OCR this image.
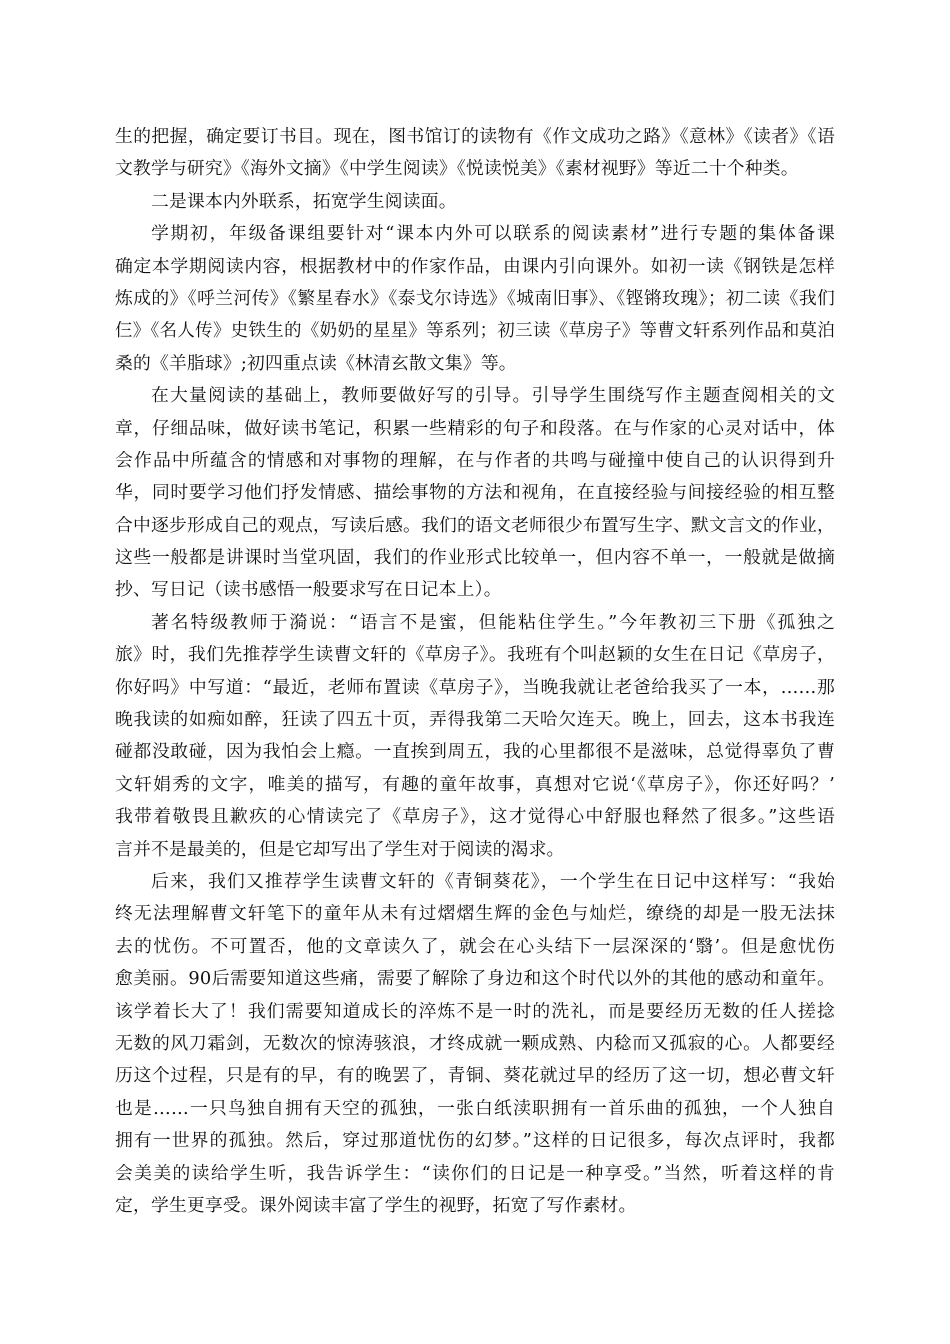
生的把握，确定要订书目。现在，图书馆订的读物有《作文成功之路》《意林》《读者》《语
文教学与研究》《海外文摘》《中学生阅读》《悦读悦美》《素材视野》等近二十个种类。
二是课本内外联系，拓宽学生阅读面。
学期初，年级备课组要针对“课本内外可以联系的阅读素材”进行专题的集体备课
确定本学期阅读内容，根据教材中的作家作品，由课内引向课外。如初一读《钢铁是怎样
炼成的》《呼兰河传》《繁星春水》《泰戈尔诗选》《城南旧事》、《铿锵玫瑰》；初二读《我们
仨》《名人传》史铁生的《奶奶的星星》等系列；初三读《草房子》等曹文轩系列作品和莫泊
桑的《羊脂球》;初四重点读《林清玄散文集》等。
在大量阅读的基础上，教师要做好写的引导。引导学生围绕写作主题查阅相关的文
章，仔细品味，做好读书笔记，积累一些精彩的句子和段落。在与作家的心灵对话中，体
会作品中所蕴含的情感和对事物的理解，在与作者的共鸣与碰撞中使自己的认识得到升
华，同时要学习他们抒发情感、描绘事物的方法和视角，在直接经验与间接经验的相互整
合中逐步形成自己的观点，写读后感。我们的语文老师很少布置写生字、默文言文的作业，
这些一般都是讲课时当堂巩固，我们的作业形式比较单一，但内容不单一，一般就是做摘
抄、写日记（读书感悟一般要求写在日记本上）。
著名特级教师于漪说：“语言不是蜜，但能粘住学生。”今年教初三下册《孤独之
旅》时，我们先推荐学生读曹文轩的《草房子》。我班有个叫赵颖的女生在日记《草房子，
你好吗》中写道：“最近，老师布置读《草房子》，当晚我就让老爸给我买了一本，……那
晚我读的如痴如醉，狂读了四五十页，弄得我第二天哈欠连天。晚上，回去，这本书我连
碰都没敢碰，因为我怕会上瘾。一直挨到周五，我的心里都很不是滋味，总觉得辜负了曹
文轩娟秀的文字，唯美的描写，有趣的童年故事，真想对它说‘《草房子》，你还好吗？’
我带着敬畏且歉疚的心情读完了《草房子》，这才觉得心中舒服也释然了很多。”这些语
言并不是最美的，但是它却写出了学生对于阅读的渴求。
后来，我们又推荐学生读曹文轩的《青铜葵花》，一个学生在日记中这样写：“我始
终无法理解曹文轩笔下的童年从未有过熠熠生辉的金色与灿烂，缭绕的却是一股无法抹
去的忧伤。不可置否，他的文章读久了，就会在心头结下一层深深的‘翳’。但是愈忧伤
愈美丽。90后需要知道这些痛，需要了解除了身边和这个时代以外的其他的感动和童年。
该学着长大了！我们需要知道成长的淬炼不是一时的洗礼，而是要经历无数的任人搓捻
无数的风刀霜剑，无数次的惊涛骇浪，才终成就一颗成熟、内稔而又孤寂的心。人都要经
历这个过程，只是有的早，有的晚罢了，青铜、葵花就过早的经历了这一切，想必曹文轩
也是……一只鸟独自拥有天空的孤独，一张白纸渎职拥有一首乐曲的孤独，一个人独自
拥有一世界的孤独。然后，穿过那道忧伤的幻梦。”这样的日记很多，每次点评时，我都
会美美的读给学生听，我告诉学生：“读你们的日记是一种享受。”当然，听着这样的肯
定，学生更享受。课外阅读丰富了学生的视野，拓宽了写作素材。
